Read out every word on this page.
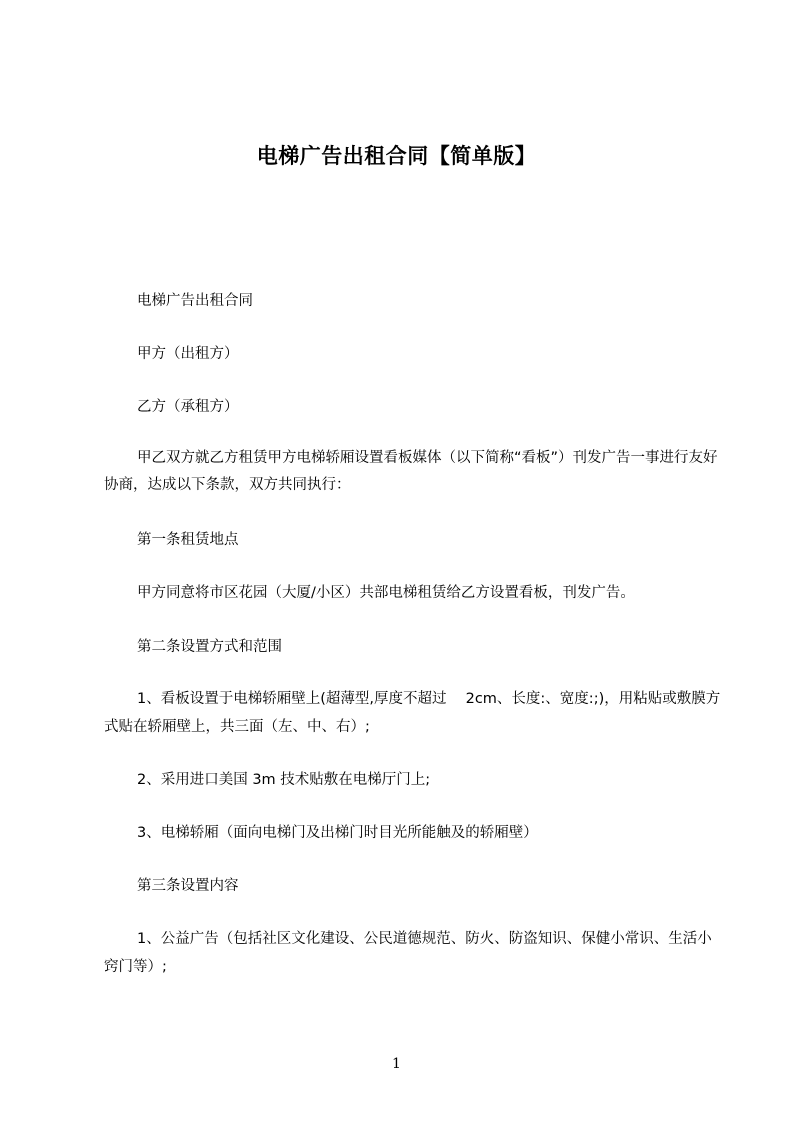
电梯广告出租合同【简单版】
电梯广告出租合同
甲方（出租方）
乙方（承租方）
甲乙双方就乙方租赁甲方电梯轿厢设置看板媒体（以下简称“看板”）刊发广告一事进行友好协商，达成以下条款，双方共同执行：
第一条租赁地点
甲方同意将市区花园（大厦/小区）共部电梯租赁给乙方设置看板，刊发广告。
第二条设置方式和范围
1、看板设置于电梯轿厢壁上(超薄型,厚度不超过　 2cm、长度:、宽度:;)，用粘贴或敷膜方式贴在轿厢壁上，共三面（左、中、右）;
2、采用进口美国 3m 技术贴敷在电梯厅门上;
3、电梯轿厢（面向电梯门及出梯门时目光所能触及的轿厢壁）
第三条设置内容
1、公益广告（包括社区文化建设、公民道德规范、防火、防盗知识、保健小常识、生活小窍门等）;
1
